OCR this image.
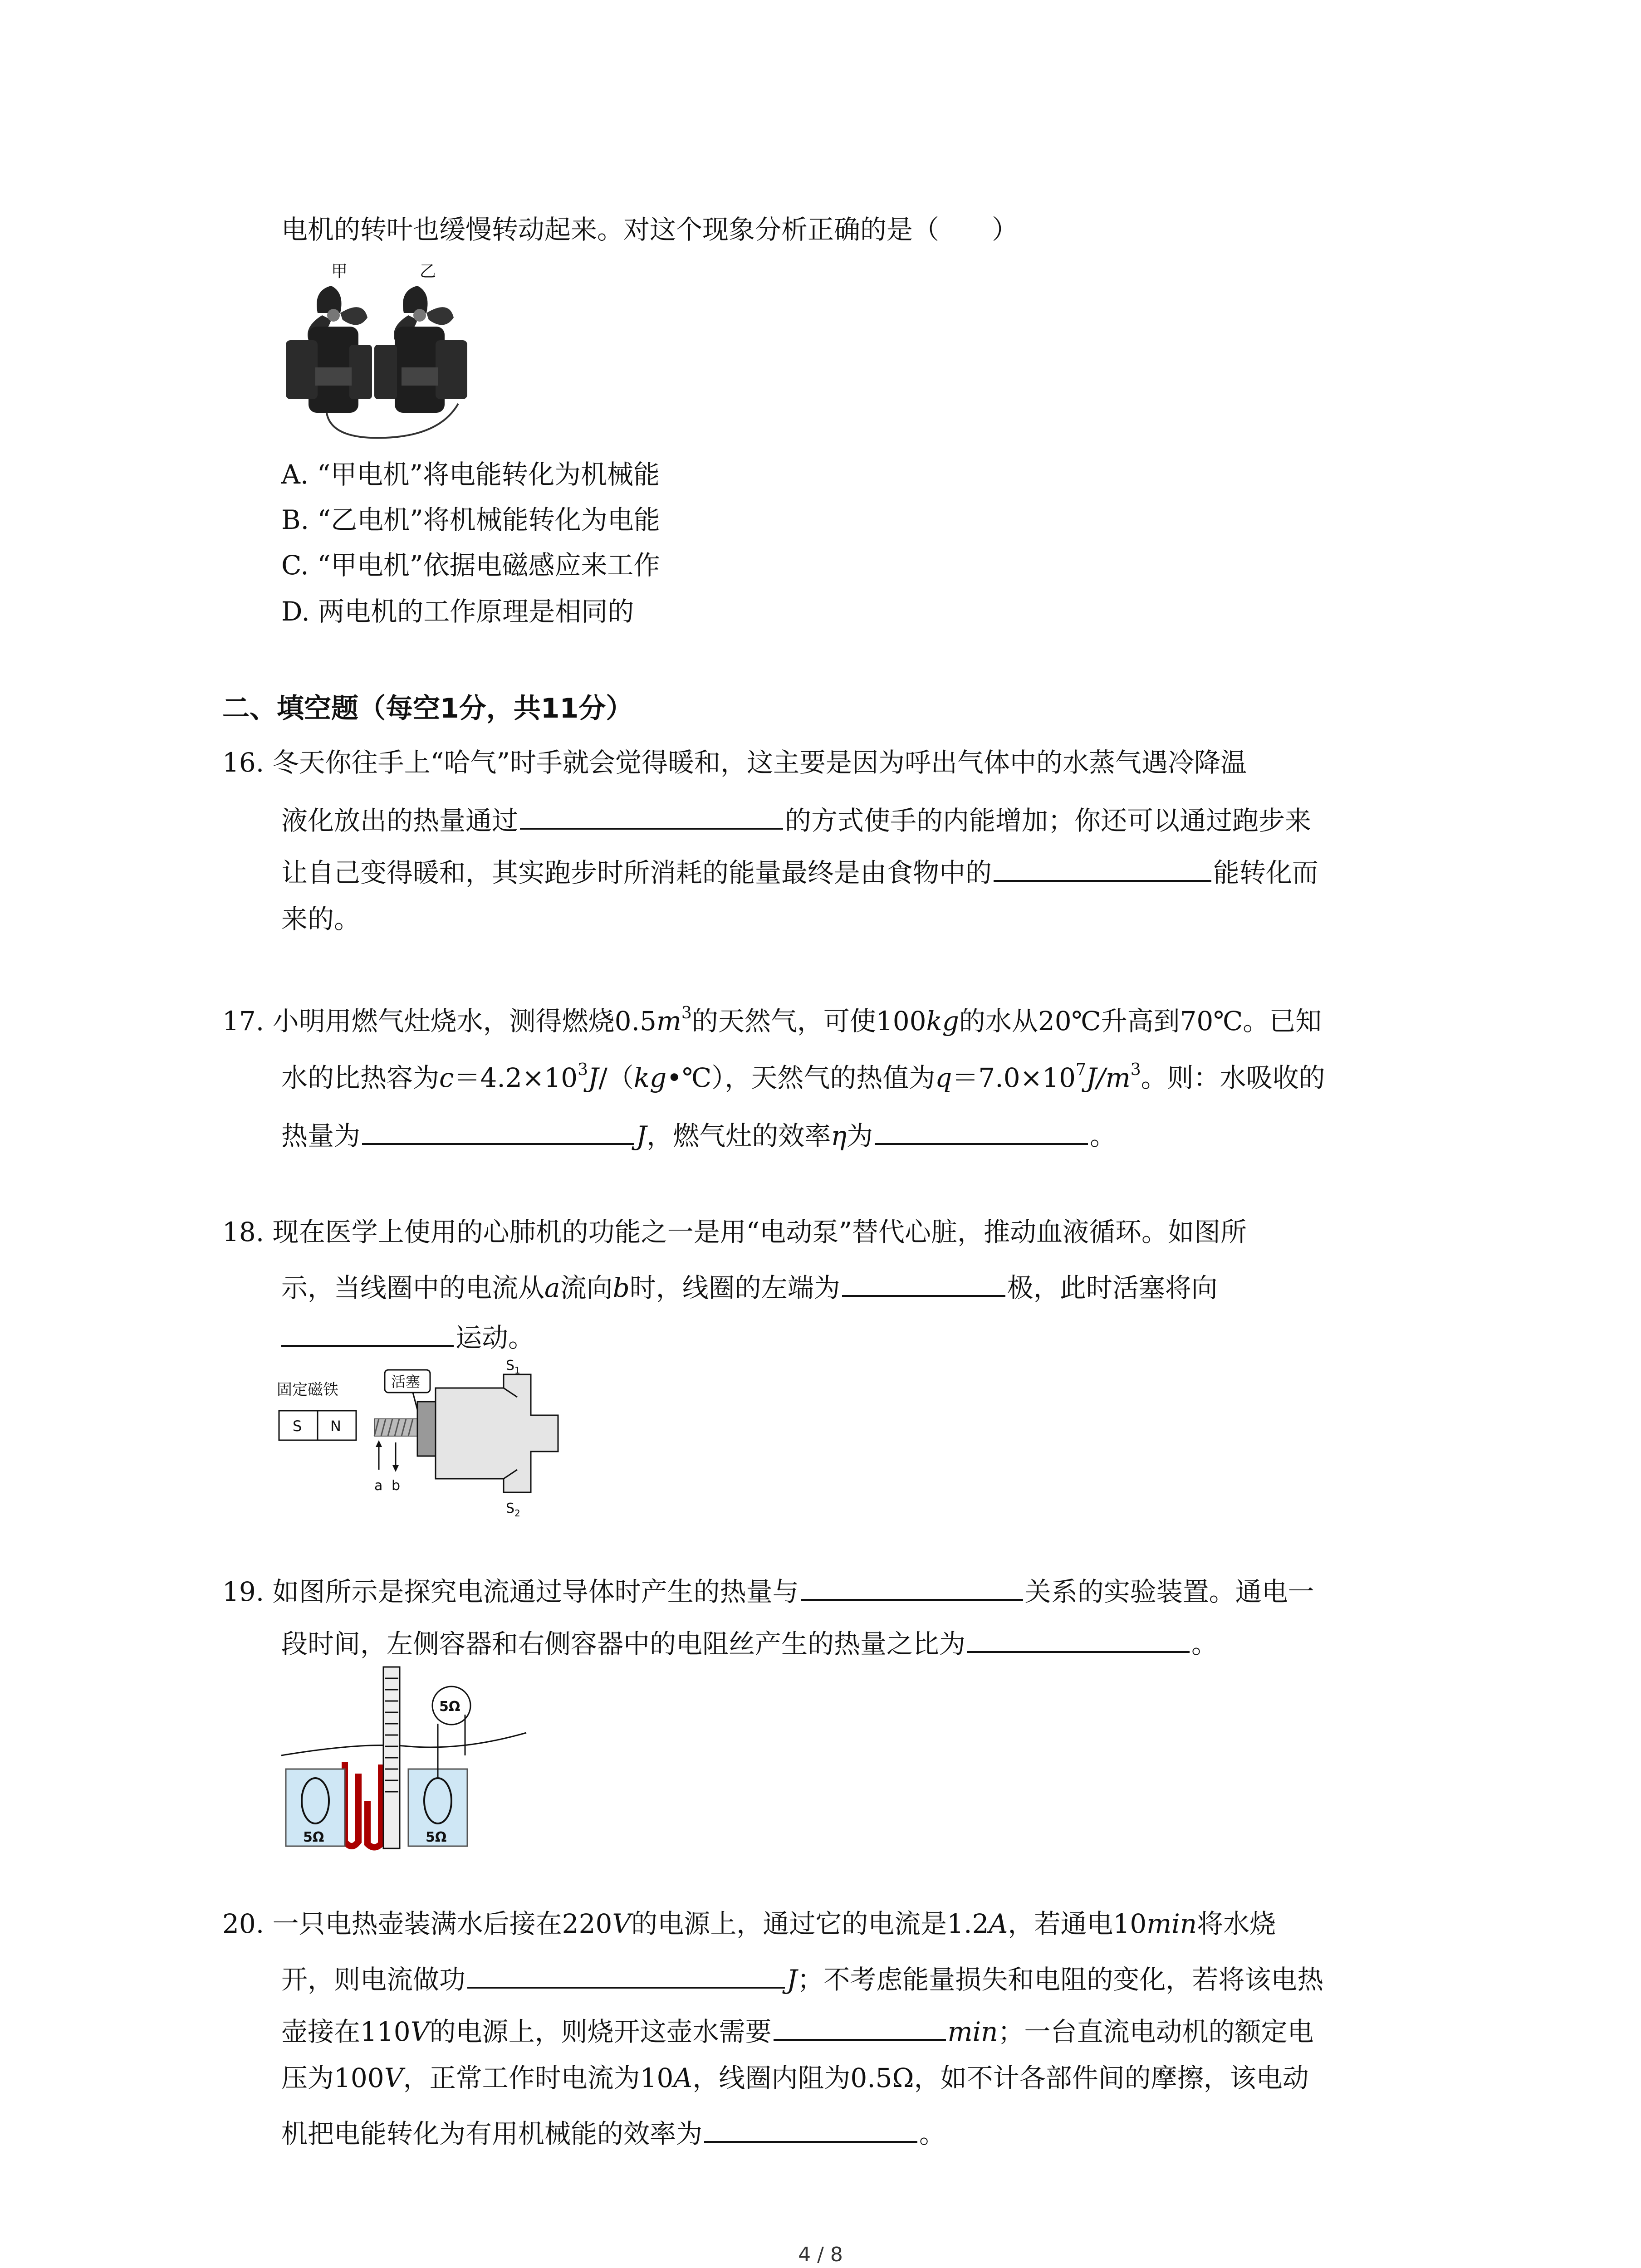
电机的转叶也缓慢转动起来。对这个现象分析正确的是（　　）
甲	乙
A. “甲电机”将电能转化为机械能
B. “乙电机”将机械能转化为电能
C. “甲电机”依据电磁感应来工作
D. 两电机的工作原理是相同的
二、填空题（每空1分，共11分）
16. 冬天你往手上“哈气”时手就会觉得暖和，这主要是因为呼出气体中的水蒸气遇冷降温
液化放出的热量通过	的方式使手的内能增加；你还可以通过跑步来
让自己变得暖和，其实跑步时所消耗的能量最终是由食物中的	能转化而
来的。
17. 小明用燃气灶烧水，测得燃烧$0.5m^3$的天然气，可使100kg的水从20℃升高到70℃。已知
水的比热容为$c=4.2\times 10^3J/(kg•℃)$，天然气的热值为$q=7.0\times 10^7J/m^3$。则：水吸收的
热量为	J，燃气灶的效率η为	。
18. 现在医学上使用的心肺机的功能之一是用“电动泵”替代心脏，推动血液循环。如图所
示，当线圈中的电流从a流向b时，线圈的左端为	极，此时活塞将向
运动。
固定磁铁	活塞
S N
$S_1$
$S_2$
a b
19. 如图所示是探究电流通过导体时产生的热量与	关系的实验装置。通电一
段时间，左侧容器和右侧容器中的电阻丝产生的热量之比为	。
5Ω
5Ω	5Ω
20. 一只电热壶装满水后接在220V的电源上，通过它的电流是1.2A，若通电10min将水烧
开，则电流做功	J；不考虑能量损失和电阻的变化，若将该电热
壶接在110V的电源上，则烧开这壶水需要	min；一台直流电动机的额定电
压为100V，正常工作时电流为10A，线圈内阻为0.5Ω，如不计各部件间的摩擦，该电动
机把电能转化为有用机械能的效率为	。
4 / 8
